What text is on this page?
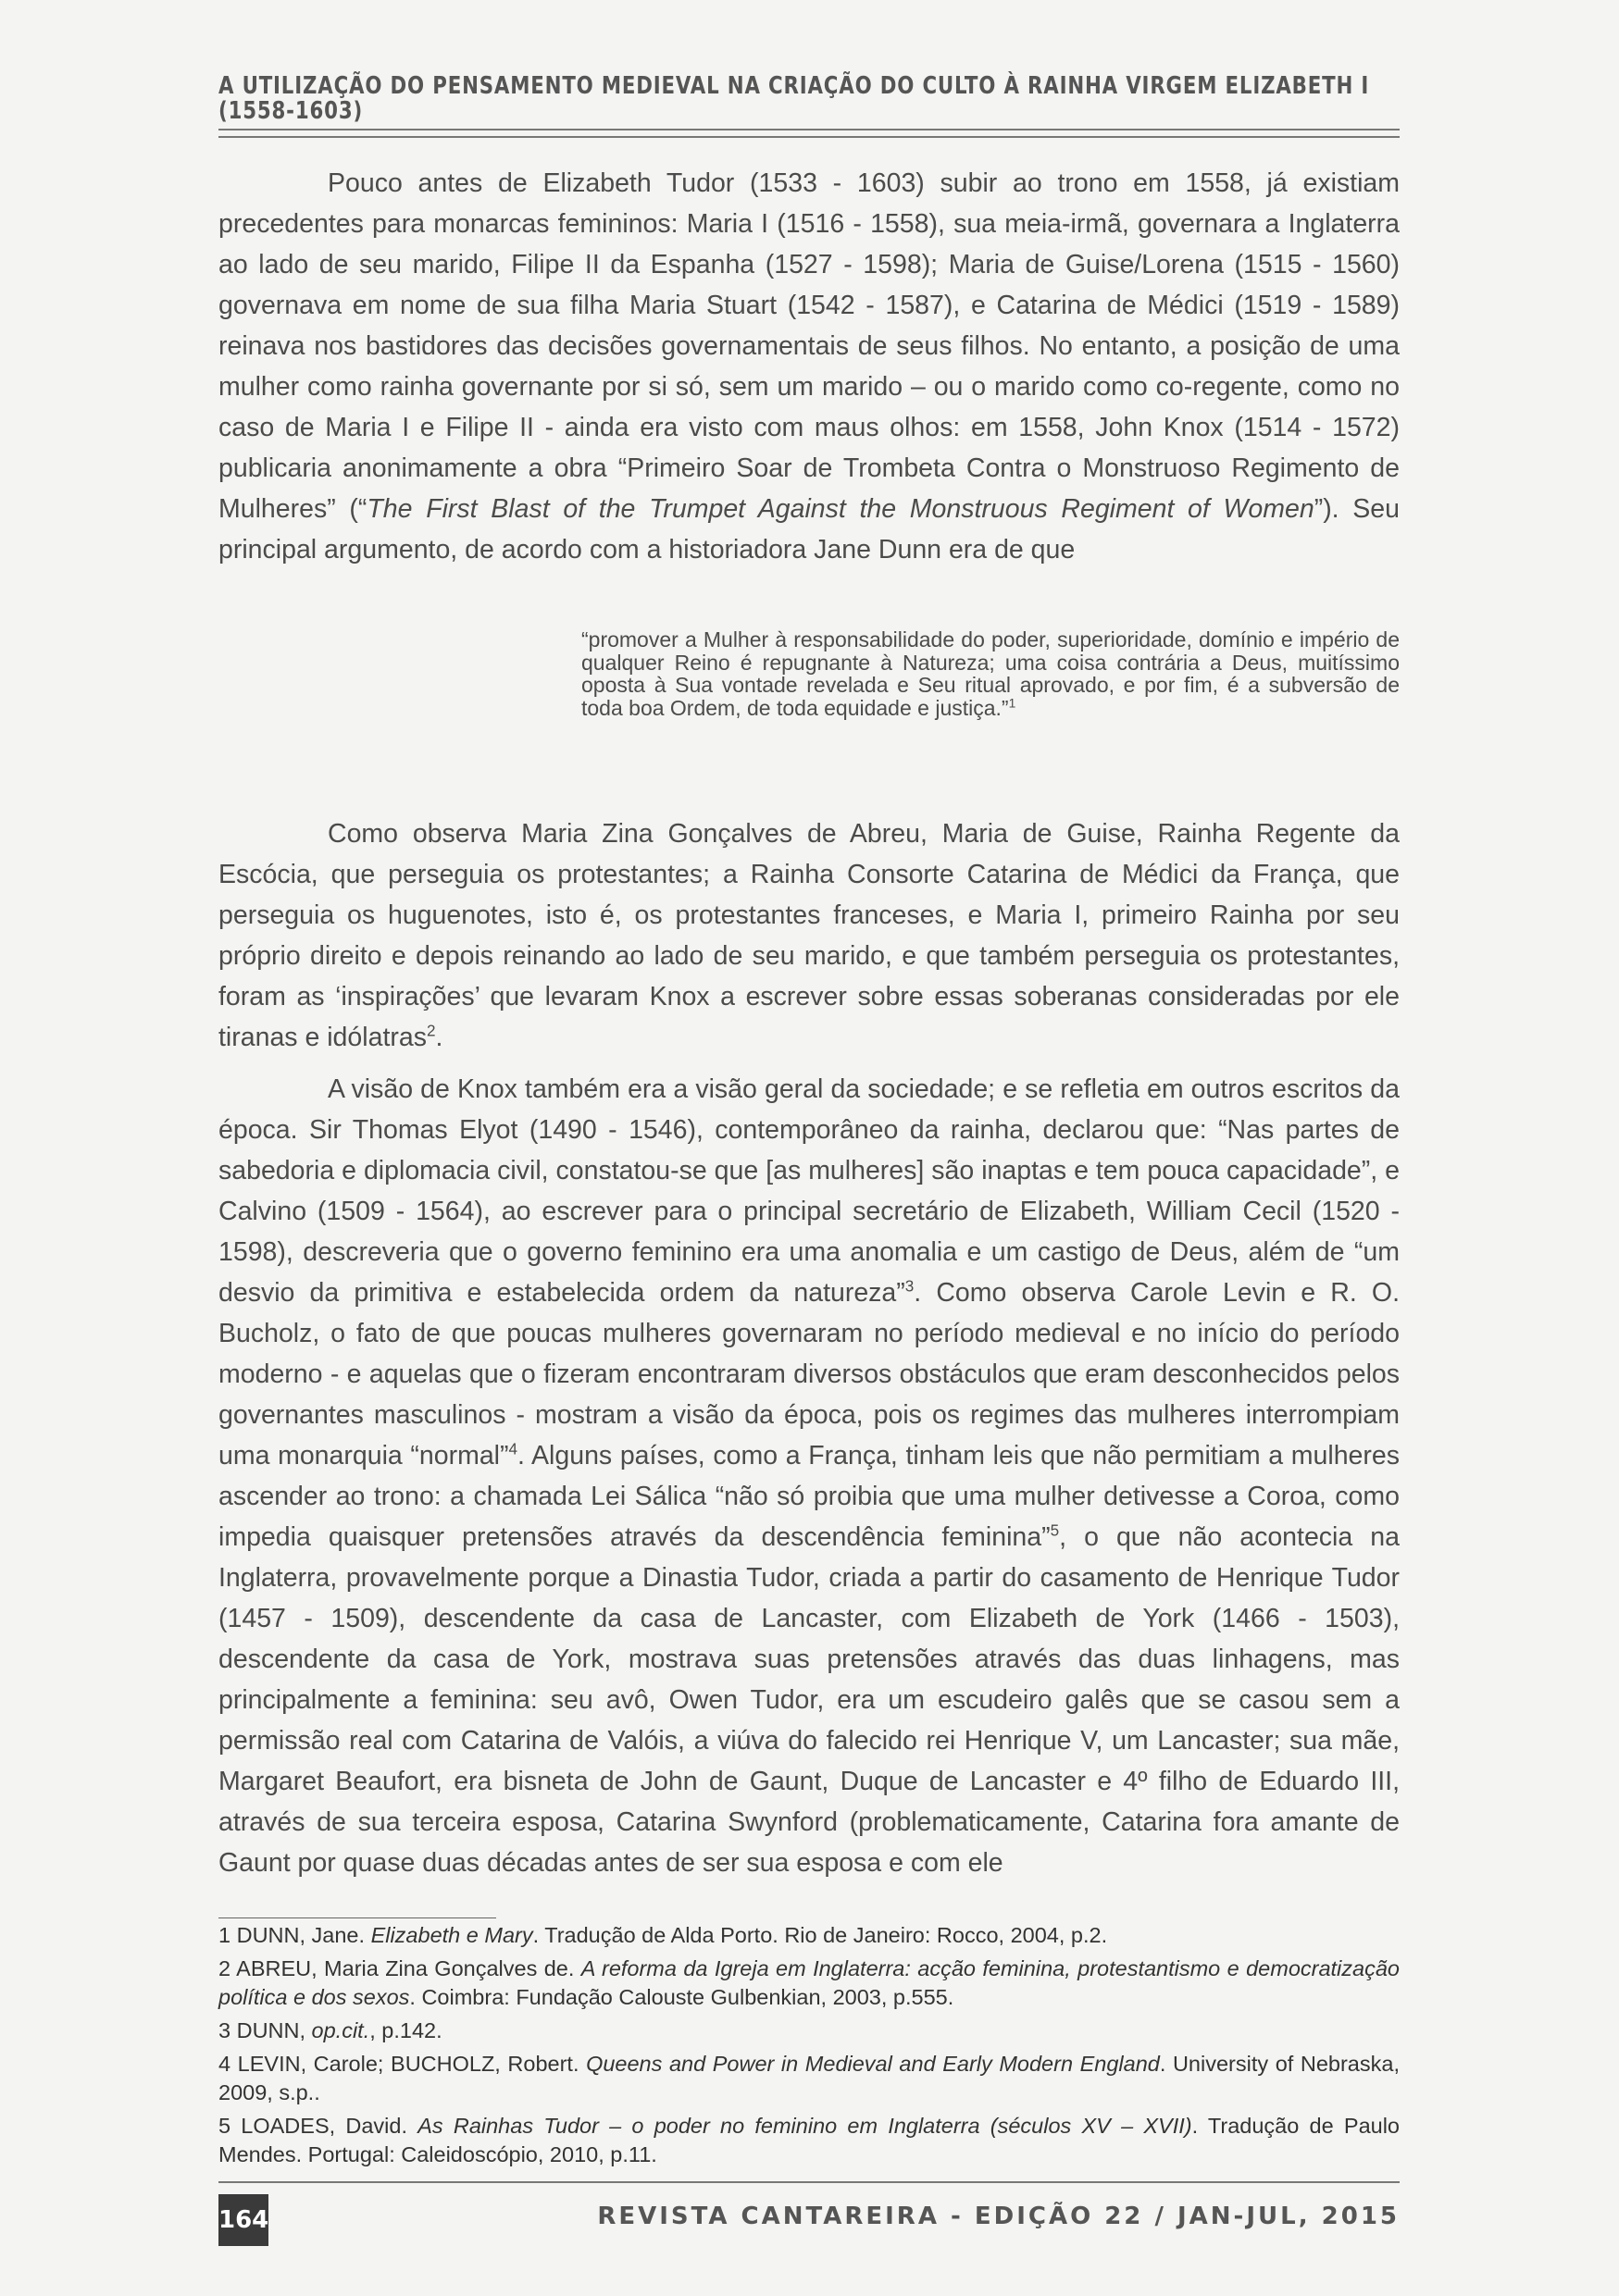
A UTILIZAÇÃO DO PENSAMENTO MEDIEVAL NA CRIAÇÃO DO CULTO À RAINHA VIRGEM ELIZABETH I (1558-1603)

Pouco antes de Elizabeth Tudor (1533 - 1603) subir ao trono em 1558, já existiam precedentes para monarcas femininos: Maria I (1516 - 1558), sua meia-irmã, governara a Inglaterra ao lado de seu marido, Filipe II da Espanha (1527 - 1598); Maria de Guise/Lorena (1515 - 1560) governava em nome de sua filha Maria Stuart (1542 - 1587), e Catarina de Médici (1519 - 1589) reinava nos bastidores das decisões governamentais de seus filhos. No entanto, a posição de uma mulher como rainha governante por si só, sem um marido – ou o marido como co-regente, como no caso de Maria I e Filipe II - ainda era visto com maus olhos: em 1558, John Knox (1514 - 1572) publicaria anonimamente a obra “Primeiro Soar de Trombeta Contra o Monstruoso Regimento de Mulheres” (“The First Blast of the Trumpet Against the Monstruous Regiment of Women”). Seu principal argumento, de acordo com a historiadora Jane Dunn era de que

“promover a Mulher à responsabilidade do poder, superioridade, domínio e império de qualquer Reino é repugnante à Natureza; uma coisa contrária a Deus, muitíssimo oposta à Sua vontade revelada e Seu ritual aprovado, e por fim, é a subversão de toda boa Ordem, de toda equidade e justiça.”$^1$

Como observa Maria Zina Gonçalves de Abreu, Maria de Guise, Rainha Regente da Escócia, que perseguia os protestantes; a Rainha Consorte Catarina de Médici da França, que perseguia os huguenotes, isto é, os protestantes franceses, e Maria I, primeiro Rainha por seu próprio direito e depois reinando ao lado de seu marido, e que também perseguia os protestantes, foram as ‘inspirações’ que levaram Knox a escrever sobre essas soberanas consideradas por ele tiranas e idólatras$^2$.

A visão de Knox também era a visão geral da sociedade; e se refletia em outros escritos da época. Sir Thomas Elyot (1490 - 1546), contemporâneo da rainha, declarou que: “Nas partes de sabedoria e diplomacia civil, constatou-se que [as mulheres] são inaptas e tem pouca capacidade”, e Calvino (1509 - 1564), ao escrever para o principal secretário de Elizabeth, William Cecil (1520 - 1598), descreveria que o governo feminino era uma anomalia e um castigo de Deus, além de “um desvio da primitiva e estabelecida ordem da natureza”$^3$. Como observa Carole Levin e R. O. Bucholz, o fato de que poucas mulheres governaram no período medieval e no início do período moderno - e aquelas que o fizeram encontraram diversos obstáculos que eram desconhecidos pelos governantes masculinos - mostram a visão da época, pois os regimes das mulheres interrompiam uma monarquia “normal”$^4$. Alguns países, como a França, tinham leis que não permitiam a mulheres ascender ao trono: a chamada Lei Sálica “não só proibia que uma mulher detivesse a Coroa, como impedia quaisquer pretensões através da descendência feminina”$^5$, o que não acontecia na Inglaterra, provavelmente porque a Dinastia Tudor, criada a partir do casamento de Henrique Tudor (1457 - 1509), descendente da casa de Lancaster, com Elizabeth de York (1466 - 1503), descendente da casa de York, mostrava suas pretensões através das duas linhagens, mas principalmente a feminina: seu avô, Owen Tudor, era um escudeiro galês que se casou sem a permissão real com Catarina de Valóis, a viúva do falecido rei Henrique V, um Lancaster; sua mãe, Margaret Beaufort, era bisneta de John de Gaunt, Duque de Lancaster e 4º filho de Eduardo III, através de sua terceira esposa, Catarina Swynford (problematicamente, Catarina fora amante de Gaunt por quase duas décadas antes de ser sua esposa e com ele

1 DUNN, Jane. Elizabeth e Mary. Tradução de Alda Porto. Rio de Janeiro: Rocco, 2004, p.2.
2 ABREU, Maria Zina Gonçalves de. A reforma da Igreja em Inglaterra: acção feminina, protestantismo e democratização política e dos sexos. Coimbra: Fundação Calouste Gulbenkian, 2003, p.555.
3 DUNN, op.cit., p.142.
4 LEVIN, Carole; BUCHOLZ, Robert. Queens and Power in Medieval and Early Modern England. University of Nebraska, 2009, s.p..
5 LOADES, David. As Rainhas Tudor – o poder no feminino em Inglaterra (séculos XV – XVII). Tradução de Paulo Mendes. Portugal: Caleidoscópio, 2010, p.11.
164	REVISTA CANTAREIRA - EDIÇÃO 22 / JAN-JUL, 2015
